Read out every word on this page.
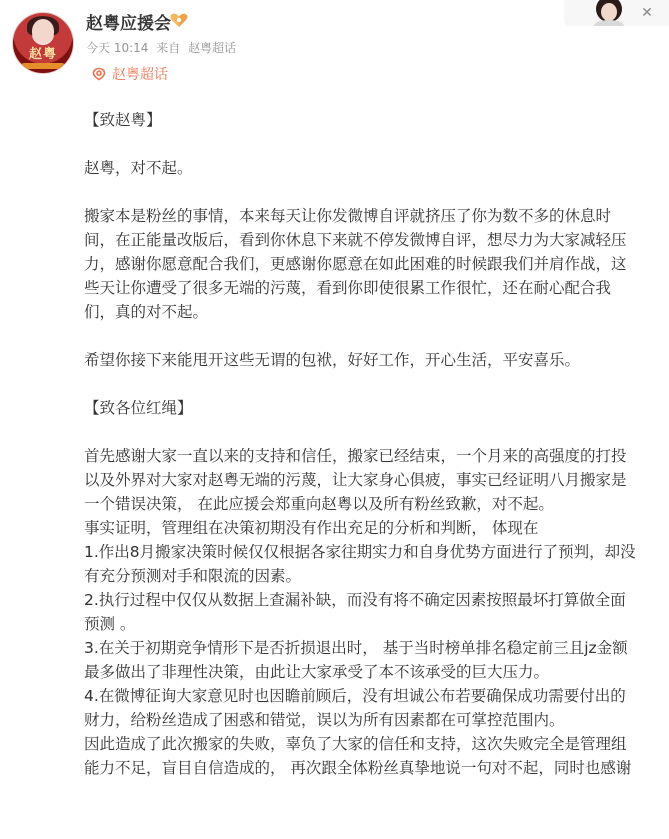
赵粤
赵粤应援会
今天 10:14 来自 赵粤超话
赵粤超话
✕

【致赵粤】

赵粤，对不起。

搬家本是粉丝的事情，本来每天让你发微博自评就挤压了你为数不多的休息时

间，在正能量改版后，看到你休息下来就不停发微博自评，想尽力为大家减轻压

力，感谢你愿意配合我们，更感谢你愿意在如此困难的时候跟我们并肩作战，这

些天让你遭受了很多无端的污蔑，看到你即使很累工作很忙，还在耐心配合我

们，真的对不起。

希望你接下来能甩开这些无谓的包袱，好好工作，开心生活，平安喜乐。

【致各位红绳】

首先感谢大家一直以来的支持和信任，搬家已经结束，一个月来的高强度的打投

以及外界对大家对赵粤无端的污蔑，让大家身心俱疲，事实已经证明八月搬家是

一个错误决策， 在此应援会郑重向赵粤以及所有粉丝致歉，对不起。

事实证明，管理组在决策初期没有作出充足的分析和判断， 体现在

1.作出8月搬家决策时候仅仅根据各家往期实力和自身优势方面进行了预判，却没

有充分预测对手和限流的因素。

2.执行过程中仅仅从数据上查漏补缺，而没有将不确定因素按照最坏打算做全面

预测 。

3.在关于初期竞争情形下是否折损退出时， 基于当时榜单排名稳定前三且jz金额

最多做出了非理性决策，由此让大家承受了本不该承受的巨大压力。

4.在微博征询大家意见时也因瞻前顾后，没有坦诚公布若要确保成功需要付出的

财力，给粉丝造成了困惑和错觉，误以为所有因素都在可掌控范围内。

因此造成了此次搬家的失败，辜负了大家的信任和支持，这次失败完全是管理组

能力不足，盲目自信造成的， 再次跟全体粉丝真挚地说一句对不起，同时也感谢
